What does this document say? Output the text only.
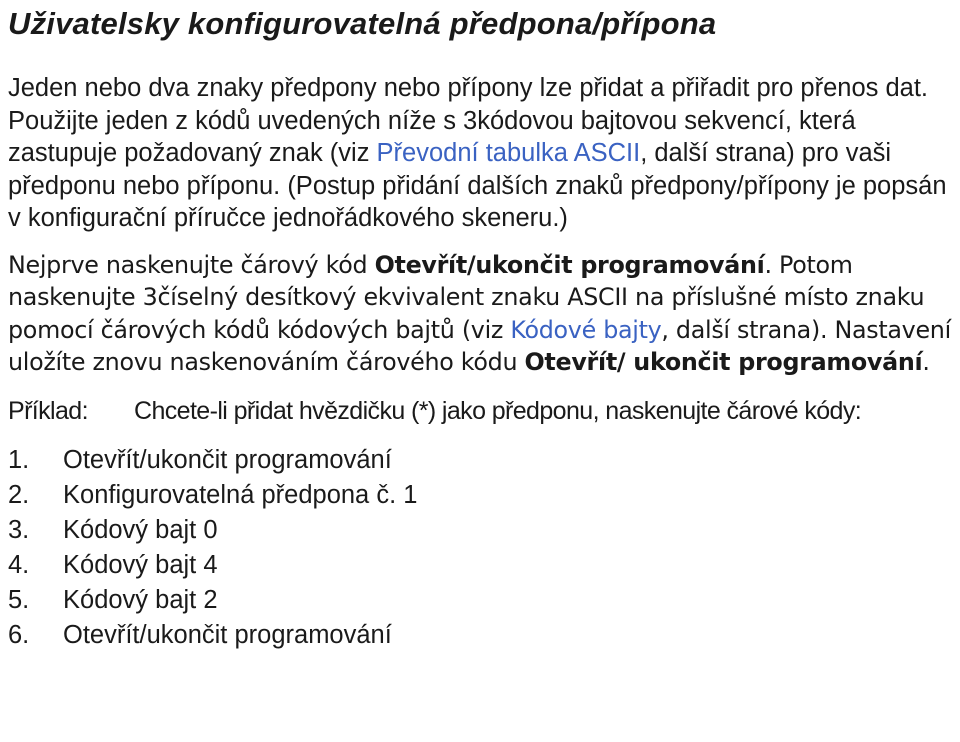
Uživatelsky konfigurovatelná předpona/přípona

Jeden nebo dva znaky předpony nebo přípony lze přidat a přiřadit pro přenos dat. Použijte jeden z kódů uvedených níže s 3kódovou bajtovou sekvencí, která zastupuje požadovaný znak (viz Převodní tabulka ASCII, další strana) pro vaši předponu nebo příponu. (Postup přidání dalších znaků předpony/přípony je popsán v konfigurační příručce jednořádkového skeneru.)

Nejprve naskenujte čárový kód Otevřít/ukončit programování. Potom naskenujte 3číselný desítkový ekvivalent znaku ASCII na příslušné místo znaku pomocí čárových kódů kódových bajtů (viz Kódové bajty, další strana). Nastavení uložíte znovu naskenováním čárového kódu Otevřít/ ukončit programování.

Příklad:	Chcete-li přidat hvězdičku (*) jako předponu, naskenujte čárové kódy:
1.	Otevřít/ukončit programování
2.	Konfigurovatelná předpona č. 1
3.	Kódový bajt 0
4.	Kódový bajt 4
5.	Kódový bajt 2
6.	Otevřít/ukončit programování
